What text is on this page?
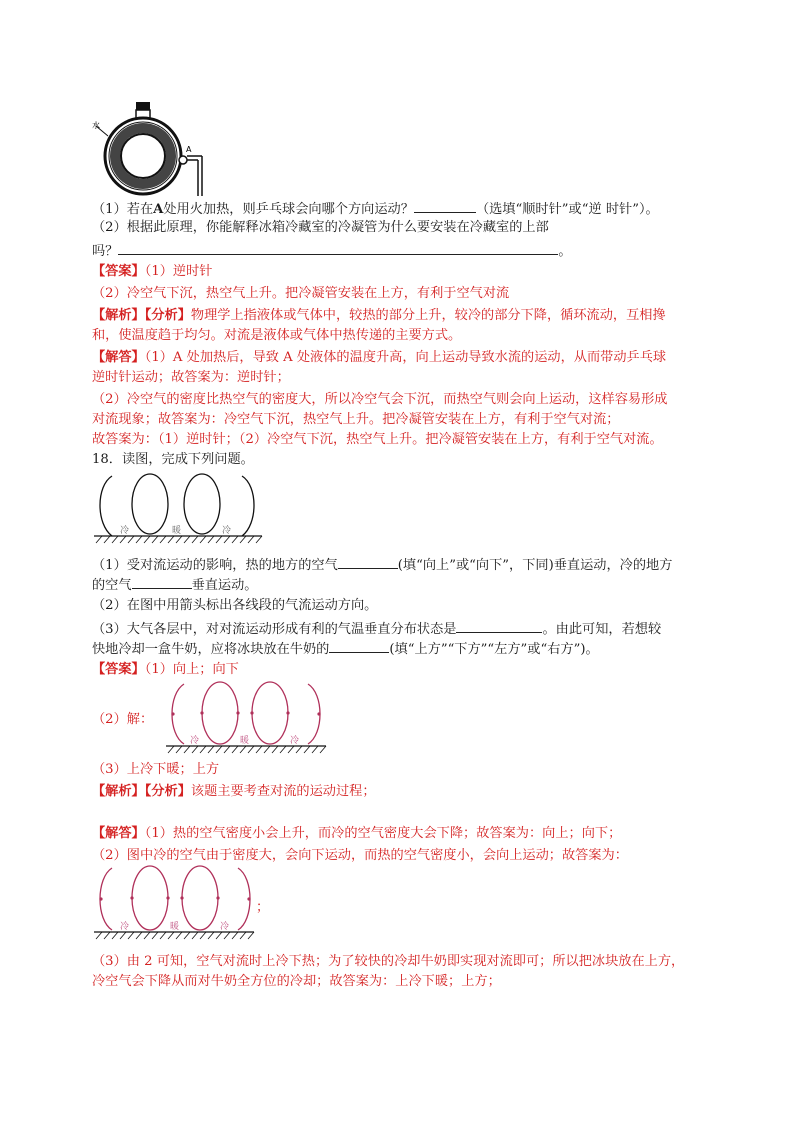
水
A
（1）若在A处用火加热，则乒乓球会向哪个方向运动？	（选填“顺时针”或“逆 时针”）。
（2）根据此原理，你能解释冰箱冷藏室的冷凝管为什么要安装在冷藏室的上部
吗？	。
【答案】（1）逆时针
（2）冷空气下沉，热空气上升。把冷凝管安装在上方，有利于空气对流
【解析】【分析】物理学上指液体或气体中，较热的部分上升，较冷的部分下降，循环流动，互相搀
和，使温度趋于均匀。对流是液体或气体中热传递的主要方式。
【解答】（1）A 处加热后，导致 A 处液体的温度升高，向上运动导致水流的运动，从而带动乒乓球
逆时针运动；故答案为：逆时针；
（2）冷空气的密度比热空气的密度大，所以冷空气会下沉，而热空气则会向上运动，这样容易形成
对流现象；故答案为：冷空气下沉，热空气上升。把冷凝管安装在上方，有利于空气对流；
故答案为：（1）逆时针；（2）冷空气下沉，热空气上升。把冷凝管安装在上方，有利于空气对流。
18．读图，完成下列问题。
冷	暖	冷
（1）受对流运动的影响，热的地方的空气	(填“向上”或“向下”，下同)垂直运动，冷的地方
的空气	垂直运动。
（2）在图中用箭头标出各线段的气流运动方向。
（3）大气各层中，对对流运动形成有利的气温垂直分布状态是	。由此可知，若想较
快地冷却一盒牛奶，应将冰块放在牛奶的	(填“上方”“下方”“左方”或“右方”)。
【答案】（1）向上；向下
（2）解：
冷	暖	冷
（3）上冷下暖；上方
【解析】【分析】该题主要考查对流的运动过程；
【解答】（1）热的空气密度小会上升，而冷的空气密度大会下降；故答案为：向上；向下；
（2）图中冷的空气由于密度大，会向下运动，而热的空气密度小，会向上运动；故答案为：
冷	暖	冷
；
（3）由 2 可知，空气对流时上冷下热；为了较快的冷却牛奶即实现对流即可；所以把冰块放在上方，
冷空气会下降从而对牛奶全方位的冷却；故答案为：上冷下暖；上方；
